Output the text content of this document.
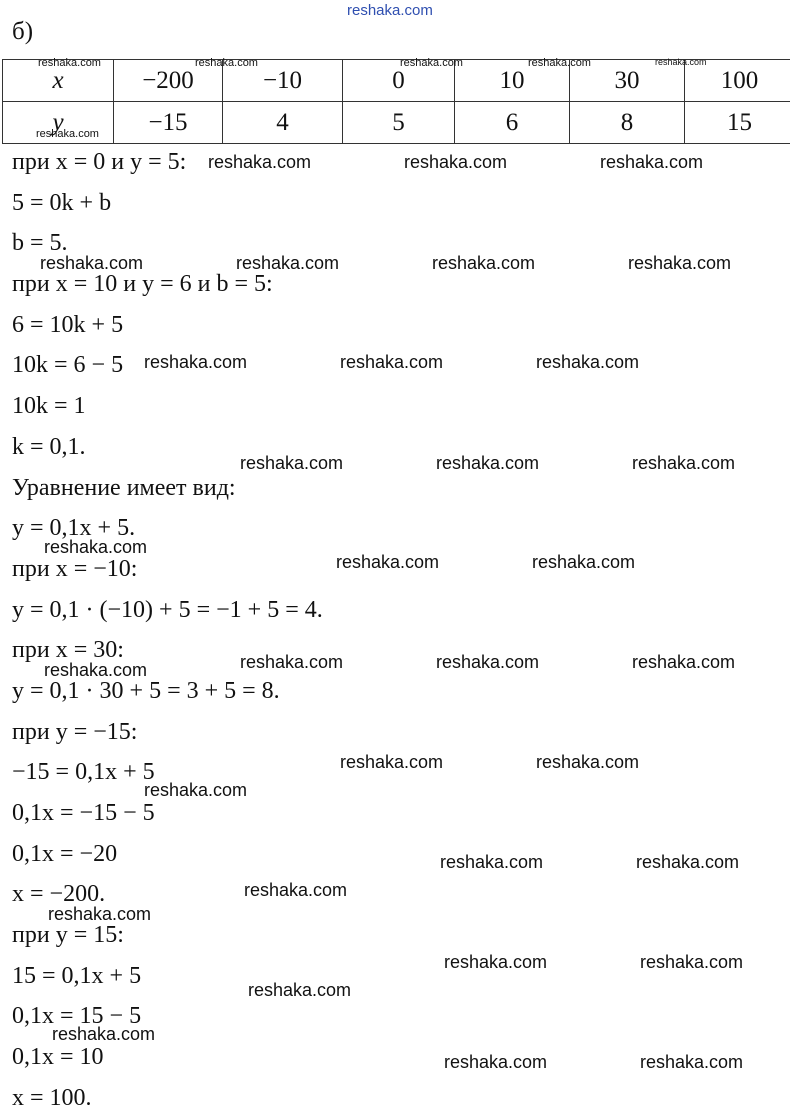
reshaka.com
б)
x	−200	−10	0	10	30	100
y	−15	4	5	6	8	15
при x = 0 и y = 5:
5 = 0k + b
b = 5.
при x = 10 и y = 6 и b = 5:
6 = 10k + 5
10k = 6 − 5
10k = 1
k = 0,1.
Уравнение имеет вид:
y = 0,1x + 5.
при x = −10:
y = 0,1 · (−10) + 5 = −1 + 5 = 4.
при x = 30:
y = 0,1 · 30 + 5 = 3 + 5 = 8.
при y = −15:
−15 = 0,1x + 5
0,1x = −15 − 5
0,1x = −20
x = −200.
при y = 15:
15 = 0,1x + 5
0,1x = 15 − 5
0,1x = 10
x = 100.
reshaka.com	reshaka.com	reshaka.com	reshaka.com	reshaka.com
reshaka.com
reshaka.com	reshaka.com	reshaka.com
reshaka.com	reshaka.com	reshaka.com	reshaka.com
reshaka.com	reshaka.com	reshaka.com
reshaka.com	reshaka.com	reshaka.com
reshaka.com
reshaka.com	reshaka.com
reshaka.com	reshaka.com	reshaka.com	reshaka.com
reshaka.com	reshaka.com
reshaka.com
reshaka.com	reshaka.com
reshaka.com
reshaka.com
reshaka.com	reshaka.com
reshaka.com
reshaka.com
reshaka.com	reshaka.com
